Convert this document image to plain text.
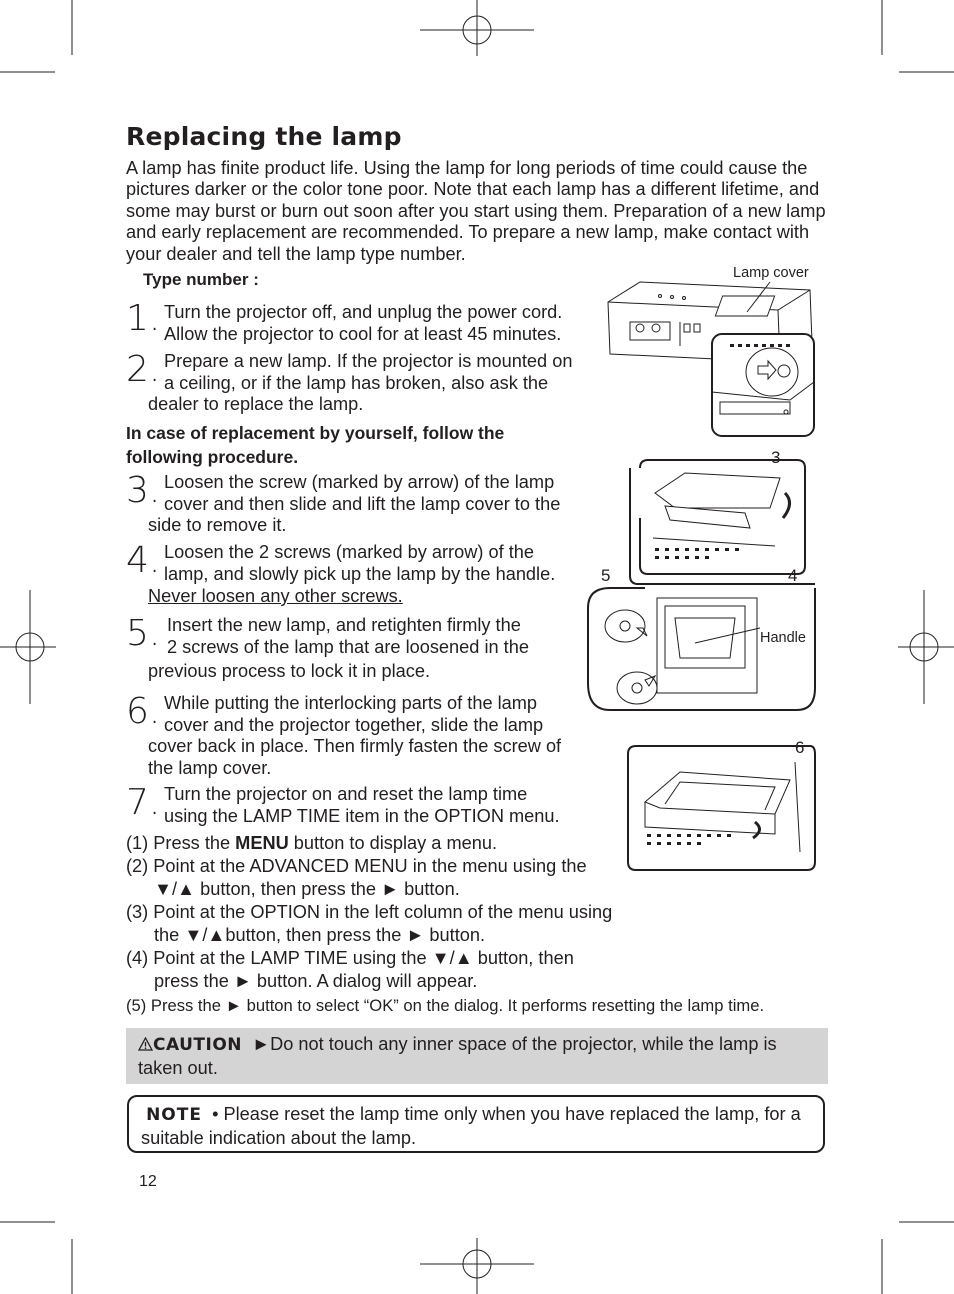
Replacing the lamp
A lamp has finite product life. Using the lamp for long periods of time could cause the pictures darker or the color tone poor. Note that each lamp has a different lifetime, and some may burst or burn out soon after you start using them. Preparation of a new lamp and early replacement are recommended. To prepare a new lamp, make contact with your dealer and tell the lamp type number.
Type number :
1. Turn the projector off, and unplug the power cord.
Allow the projector to cool for at least 45 minutes.
2. Prepare a new lamp. If the projector is mounted on
a ceiling, or if the lamp has broken, also ask the
dealer to replace the lamp.
In case of replacement by yourself, follow the following procedure.
3. Loosen the screw (marked by arrow) of the lamp
cover and then slide and lift the lamp cover to the
side to remove it.
4. Loosen the 2 screws (marked by arrow) of the
lamp, and slowly pick up the lamp by the handle.
Never loosen any other screws.
5. Insert the new lamp, and retighten firmly the
2 screws of the lamp that are loosened in the
previous process to lock it in place.
6. While putting the interlocking parts of the lamp
cover and the projector together, slide the lamp
cover back in place. Then firmly fasten the screw of
the lamp cover.
7. Turn the projector on and reset the lamp time
using the LAMP TIME item in the OPTION menu.
(1) Press the MENU button to display a menu.
(2) Point at the ADVANCED MENU in the menu using the
▼/▲ button, then press the ► button.
(3) Point at the OPTION in the left column of the menu using
the ▼/▲button, then press the ► button.
(4) Point at the LAMP TIME using the ▼/▲ button, then
press the ► button. A dialog will appear.
(5) Press the ► button to select “OK” on the dialog. It performs resetting the lamp time.
CAUTION ►Do not touch any inner space of the projector, while the lamp is taken out.
NOTE • Please reset the lamp time only when you have replaced the lamp, for a suitable indication about the lamp.
12
Lamp cover
3
4
5
Handle
6
